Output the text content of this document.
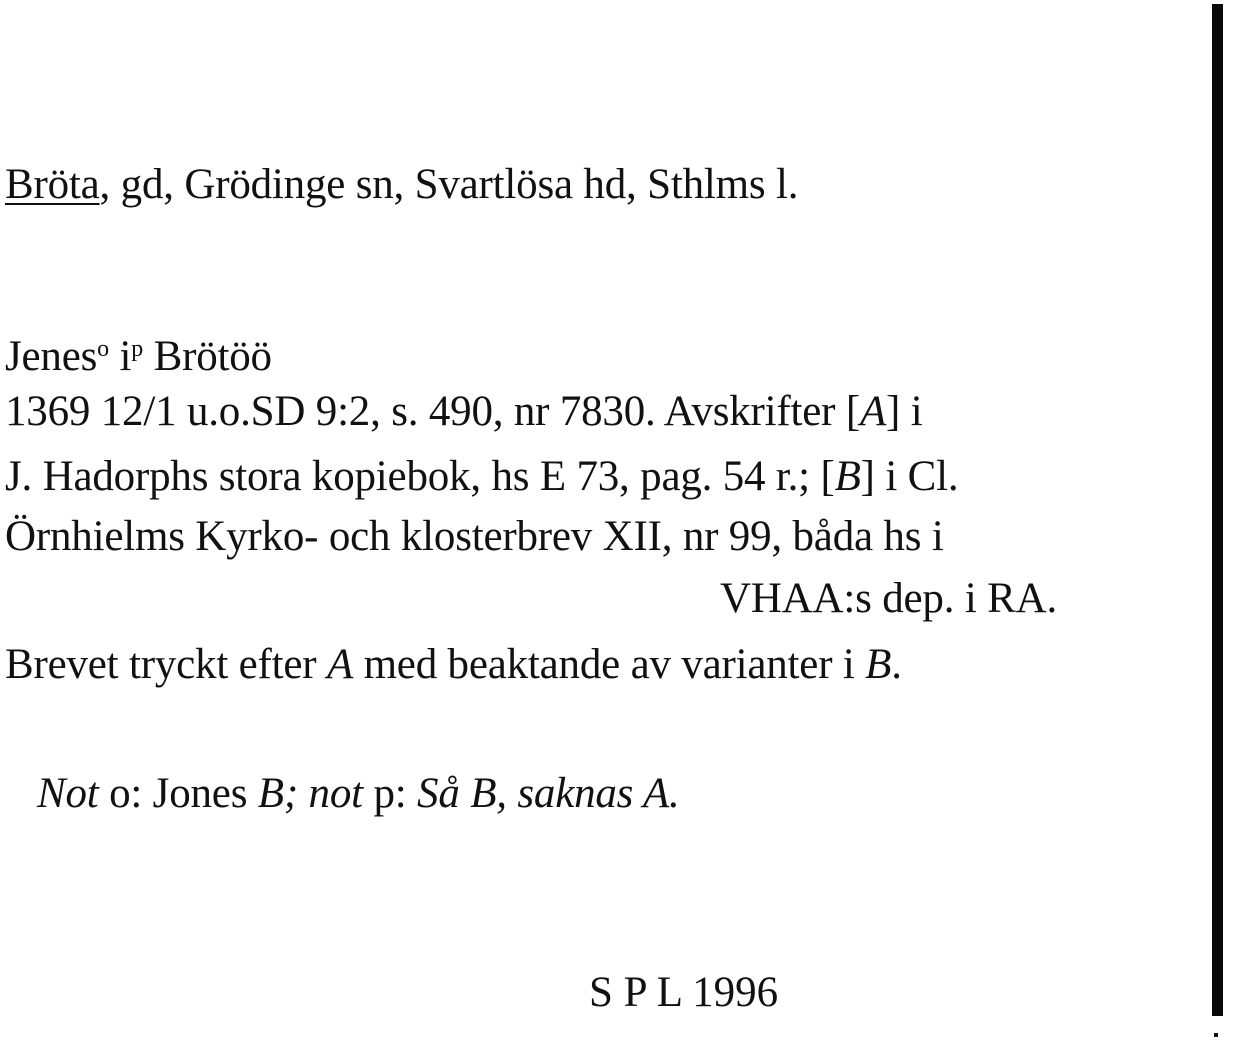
Bröta, gd, Grödinge sn, Svartlösa hd, Sthlms l.
Jenes$^o$ $i^p$ Brötöö
1369 12/1 u.o.SD 9:2, s. 490, nr 7830. Avskrifter [A] i
J. Hadorphs stora kopiebok, hs E 73, pag. 54 r.; [B] i Cl.
Örnhielms Kyrko- och klosterbrev XII, nr 99, båda hs i
VHAA:s dep. i RA.
Brevet tryckt efter A med beaktande av varianter i B.
Not o: Jones B; not p: Så B, saknas A.
S P L 1996
